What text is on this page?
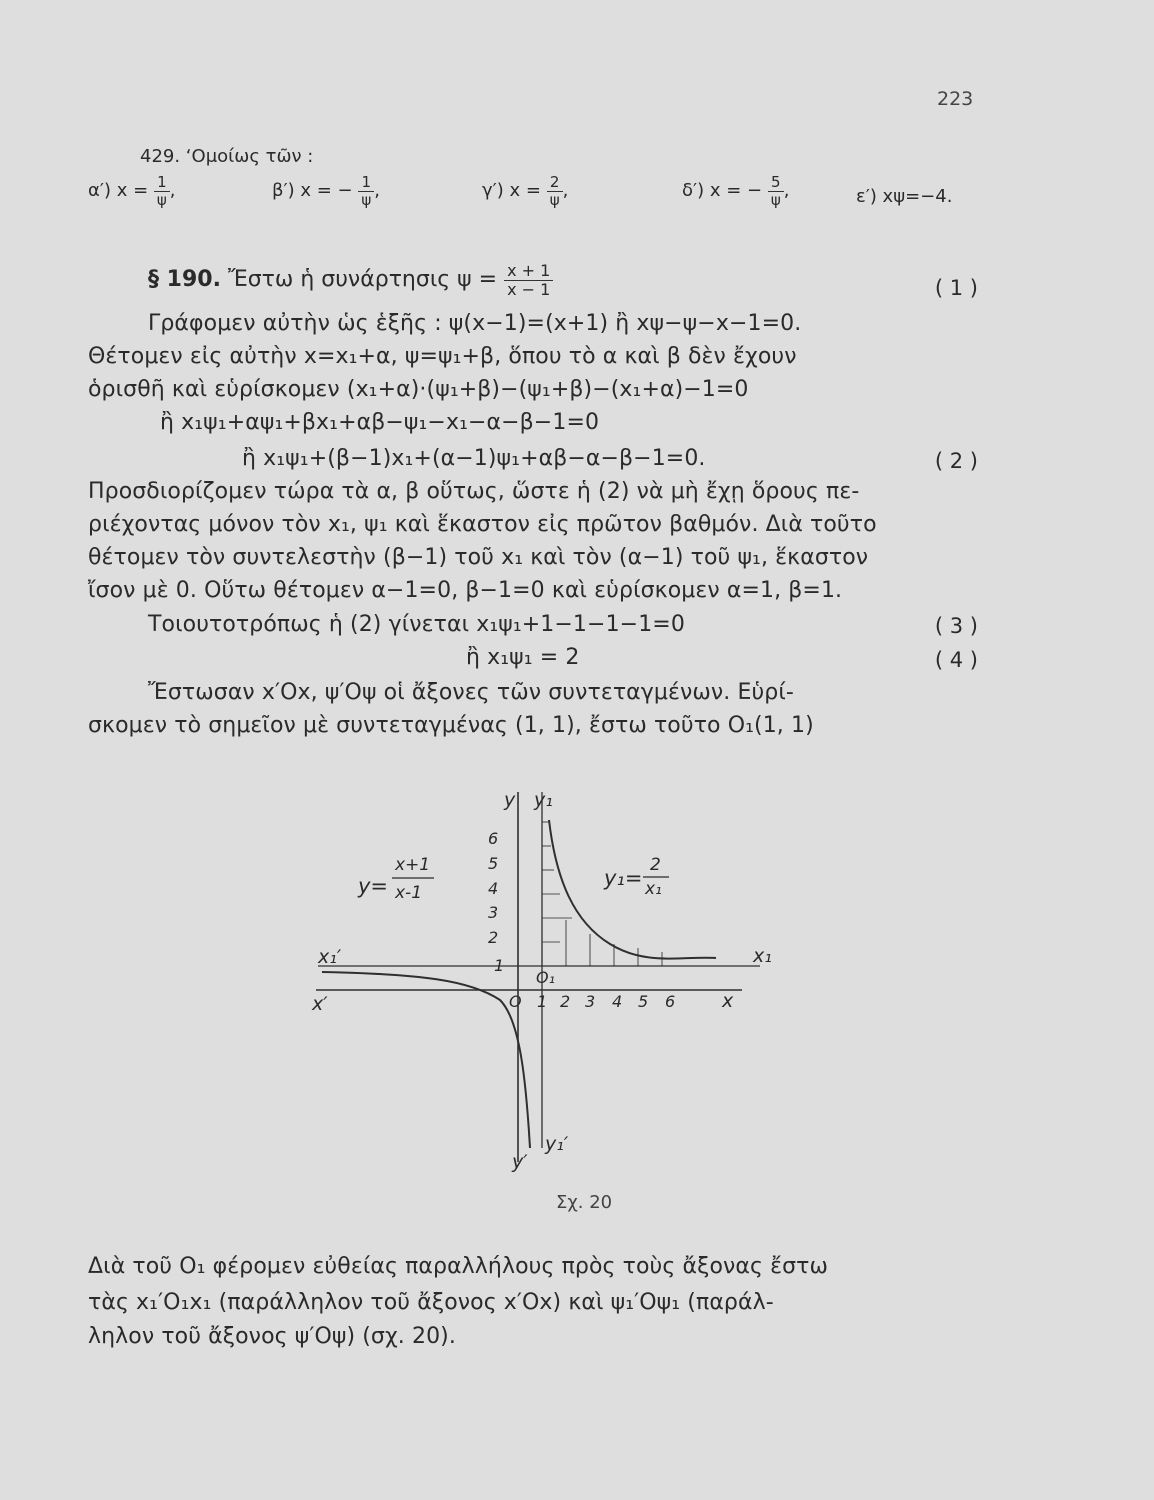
223
429. ‘Ομοίως τῶν :
α′) $x = \frac{1}{\psi}$ ,	β′) x = − $\frac{1}{\psi}$ ,	γ′) $x = \frac{2}{\psi}$ ,	δ′) x = − $\frac{5}{\psi}$ ,	ε′) xψ=−4.
§ 190. Ἔστω ἡ συνάρτησις $\psi = \frac{x + 1}{x - 1}$	( 1 )
Γράφομεν αὐτὴν ὡς ἑξῆς : ψ(x−1)=(x+1) ἢ xψ−ψ−x−1=0.
Θέτομεν εἰς αὐτὴν x=x₁+α, ψ=ψ₁+β, ὅπου τὸ α καὶ β δὲν ἔχουν
ὁρισθῆ καὶ εὑρίσκομεν (x₁+α)·(ψ₁+β)−(ψ₁+β)−(x₁+α)−1=0
ἢ x₁ψ₁+αψ₁+βx₁+αβ−ψ₁−x₁−α−β−1=0
ἢ x₁ψ₁+(β−1)x₁+(α−1)ψ₁+αβ−α−β−1=0.	( 2 )
Προσδιορίζομεν τώρα τὰ α, β οὕτως, ὥστε ἡ (2) νὰ μὴ ἔχῃ ὅρους πε-
ριέχοντας μόνον τὸν x₁, ψ₁ καὶ ἕκαστον εἰς πρῶτον βαθμόν. Διὰ τοῦτο
θέτομεν τὸν συντελεστὴν (β−1) τοῦ x₁ καὶ τὸν (α−1) τοῦ ψ₁, ἕκαστον
ἴσον μὲ 0. Οὕτω θέτομεν α−1=0, β−1=0 καὶ εὑρίσκομεν α=1, β=1.
Τοιουτοτρόπως ἡ (2) γίνεται x₁ψ₁+1−1−1−1=0	( 3 )
ἢ x₁ψ₁ = 2	( 4 )
Ἔστωσαν x′Οx, ψ′Οψ οἱ ἄξονες τῶν συντεταγμένων. Εὑρί-
σκομεν τὸ σημεῖον μὲ συντεταγμένας (1, 1), ἔστω τοῦτο Ο₁(1, 1)
1
2
3
4
5
6
1 2 3 4 5 6
y y₁
x
x₁
x′
x₁′
y′
y₁′
O
O₁
y=
x+1
x-1
y₁=
2
x₁
Σχ. 20
Διὰ τοῦ Ο₁ φέρομεν εὐθείας παραλλήλους πρὸς τοὺς ἄξονας ἔστω
τὰς x₁′Ο₁x₁ (παράλληλον τοῦ ἄξονος x′Οx) καὶ ψ₁′Οψ₁ (παράλ-
ληλον τοῦ ἄξονος ψ′Οψ) (σχ. 20).
